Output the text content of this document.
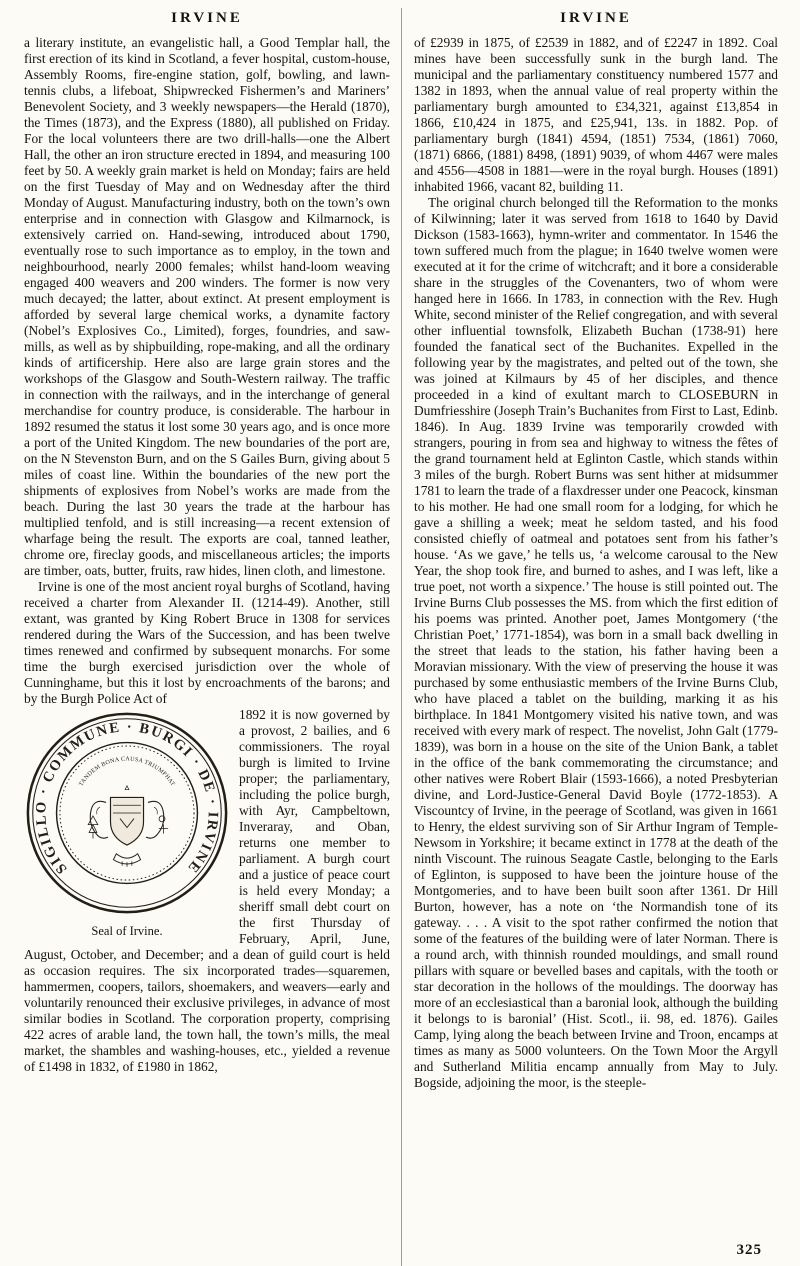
IRVINE

a literary institute, an evangelistic hall, a Good Templar hall, the first erection of its kind in Scotland, a fever hospital, custom-house, Assembly Rooms, fire-engine station, golf, bowling, and lawn-tennis clubs, a lifeboat, Shipwrecked Fishermen’s and Mariners’ Benevolent Society, and 3 weekly newspapers—the Herald (1870), the Times (1873), and the Express (1880), all published on Friday. For the local volunteers there are two drill-halls—one the Albert Hall, the other an iron structure erected in 1894, and measuring 100 feet by 50. A weekly grain market is held on Monday; fairs are held on the first Tuesday of May and on Wednesday after the third Monday of August. Manufacturing industry, both on the town’s own enterprise and in connection with Glasgow and Kilmarnock, is extensively carried on. Hand-sewing, introduced about 1790, eventually rose to such importance as to employ, in the town and neighbourhood, nearly 2000 females; whilst hand-loom weaving engaged 400 weavers and 200 winders. The former is now very much decayed; the latter, about extinct. At present employment is afforded by several large chemical works, a dynamite factory (Nobel’s Explosives Co., Limited), forges, foundries, and saw-mills, as well as by shipbuilding, rope-making, and all the ordinary kinds of artificership. Here also are large grain stores and the workshops of the Glasgow and South-Western railway. The traffic in connection with the railways, and in the interchange of general merchandise for country produce, is considerable. The harbour in 1892 resumed the status it lost some 30 years ago, and is once more a port of the United Kingdom. The new boundaries of the port are, on the N Stevenston Burn, and on the S Gailes Burn, giving about 5 miles of coast line. Within the boundaries of the new port the shipments of explosives from Nobel’s works are made from the beach. During the last 30 years the trade at the harbour has multiplied tenfold, and is still increasing—a recent extension of wharfage being the result. The exports are coal, tanned leather, chrome ore, fireclay goods, and miscellaneous articles; the imports are timber, oats, butter, fruits, raw hides, linen cloth, and limestone.

Irvine is one of the most ancient royal burghs of Scotland, having received a charter from Alexander II. (1214-49). Another, still extant, was granted by King Robert Bruce in 1308 for services rendered during the Wars of the Succession, and has been twelve times renewed and confirmed by subsequent monarchs. For some time the burgh exercised jurisdiction over the whole of Cunninghame, but this it lost by encroachments of the barons; and by the Burgh Police Act of

SIGILLO · COMMUNE · BURGI · DE · IRVINE
TANDEM BONA CAUSA TRIUMPHAT
Seal of Irvine.

1892 it is now governed by a provost, 2 bailies, and 6 commissioners. The royal burgh is limited to Irvine proper; the parliamentary, including the police burgh, with Ayr, Campbeltown, Inveraray, and Oban, returns one member to parliament. A burgh court and a justice of peace court is held every Monday; a sheriff small debt court on the first Thursday of February, April, June, August, October, and December; and a dean of guild court is held as occasion requires. The six incorporated trades—squaremen, hammermen, coopers, tailors, shoemakers, and weavers—early and voluntarily renounced their exclusive privileges, in advance of most similar bodies in Scotland. The corporation property, comprising 422 acres of arable land, the town hall, the town’s mills, the meal market, the shambles and washing-houses, etc., yielded a revenue of £1498 in 1832, of £1980 in 1862,

IRVINE

of £2939 in 1875, of £2539 in 1882, and of £2247 in 1892. Coal mines have been successfully sunk in the burgh land. The municipal and the parliamentary constituency numbered 1577 and 1382 in 1893, when the annual value of real property within the parliamentary burgh amounted to £34,321, against £13,854 in 1866, £10,424 in 1875, and £25,941, 13s. in 1882. Pop. of parliamentary burgh (1841) 4594, (1851) 7534, (1861) 7060, (1871) 6866, (1881) 8498, (1891) 9039, of whom 4467 were males and 4556—4508 in 1881—were in the royal burgh. Houses (1891) inhabited 1966, vacant 82, building 11.

The original church belonged till the Reformation to the monks of Kilwinning; later it was served from 1618 to 1640 by David Dickson (1583-1663), hymn-writer and commentator. In 1546 the town suffered much from the plague; in 1640 twelve women were executed at it for the crime of witchcraft; and it bore a considerable share in the struggles of the Covenanters, two of whom were hanged here in 1666. In 1783, in connection with the Rev. Hugh White, second minister of the Relief congregation, and with several other influential townsfolk, Elizabeth Buchan (1738-91) here founded the fanatical sect of the Buchanites. Expelled in the following year by the magistrates, and pelted out of the town, she was joined at Kilmaurs by 45 of her disciples, and thence proceeded in a kind of exultant march to CLOSEBURN in Dumfriesshire (Joseph Train’s Buchanites from First to Last, Edinb. 1846). In Aug. 1839 Irvine was temporarily crowded with strangers, pouring in from sea and highway to witness the fêtes of the grand tournament held at Eglinton Castle, which stands within 3 miles of the burgh. Robert Burns was sent hither at midsummer 1781 to learn the trade of a flaxdresser under one Peacock, kinsman to his mother. He had one small room for a lodging, for which he gave a shilling a week; meat he seldom tasted, and his food consisted chiefly of oatmeal and potatoes sent from his father’s house. ‘As we gave,’ he tells us, ‘a welcome carousal to the New Year, the shop took fire, and burned to ashes, and I was left, like a true poet, not worth a sixpence.’ The house is still pointed out. The Irvine Burns Club possesses the MS. from which the first edition of his poems was printed. Another poet, James Montgomery (‘the Christian Poet,’ 1771-1854), was born in a small back dwelling in the street that leads to the station, his father having been a Moravian missionary. With the view of preserving the house it was purchased by some enthusiastic members of the Irvine Burns Club, who have placed a tablet on the building, marking it as his birthplace. In 1841 Montgomery visited his native town, and was received with every mark of respect. The novelist, John Galt (1779-1839), was born in a house on the site of the Union Bank, a tablet in the office of the bank commemorating the circumstance; and other natives were Robert Blair (1593-1666), a noted Presbyterian divine, and Lord-Justice-General David Boyle (1772-1853). A Viscountcy of Irvine, in the peerage of Scotland, was given in 1661 to Henry, the eldest surviving son of Sir Arthur Ingram of Temple-Newsom in Yorkshire; it became extinct in 1778 at the death of the ninth Viscount. The ruinous Seagate Castle, belonging to the Earls of Eglinton, is supposed to have been the jointure house of the Montgomeries, and to have been built soon after 1361. Dr Hill Burton, however, has a note on ‘the Normandish tone of its gateway. . . . A visit to the spot rather confirmed the notion that some of the features of the building were of later Norman. There is a round arch, with thinnish rounded mouldings, and small round pillars with square or bevelled bases and capitals, with the tooth or star decoration in the hollows of the mouldings. The doorway has more of an ecclesiastical than a baronial look, although the building it belongs to is baronial’ (Hist. Scotl., ii. 98, ed. 1876). Gailes Camp, lying along the beach between Irvine and Troon, encamps at times as many as 5000 volunteers. On the Town Moor the Argyll and Sutherland Militia encamp annually from May to July. Bogside, adjoining the moor, is the steeple-

325
